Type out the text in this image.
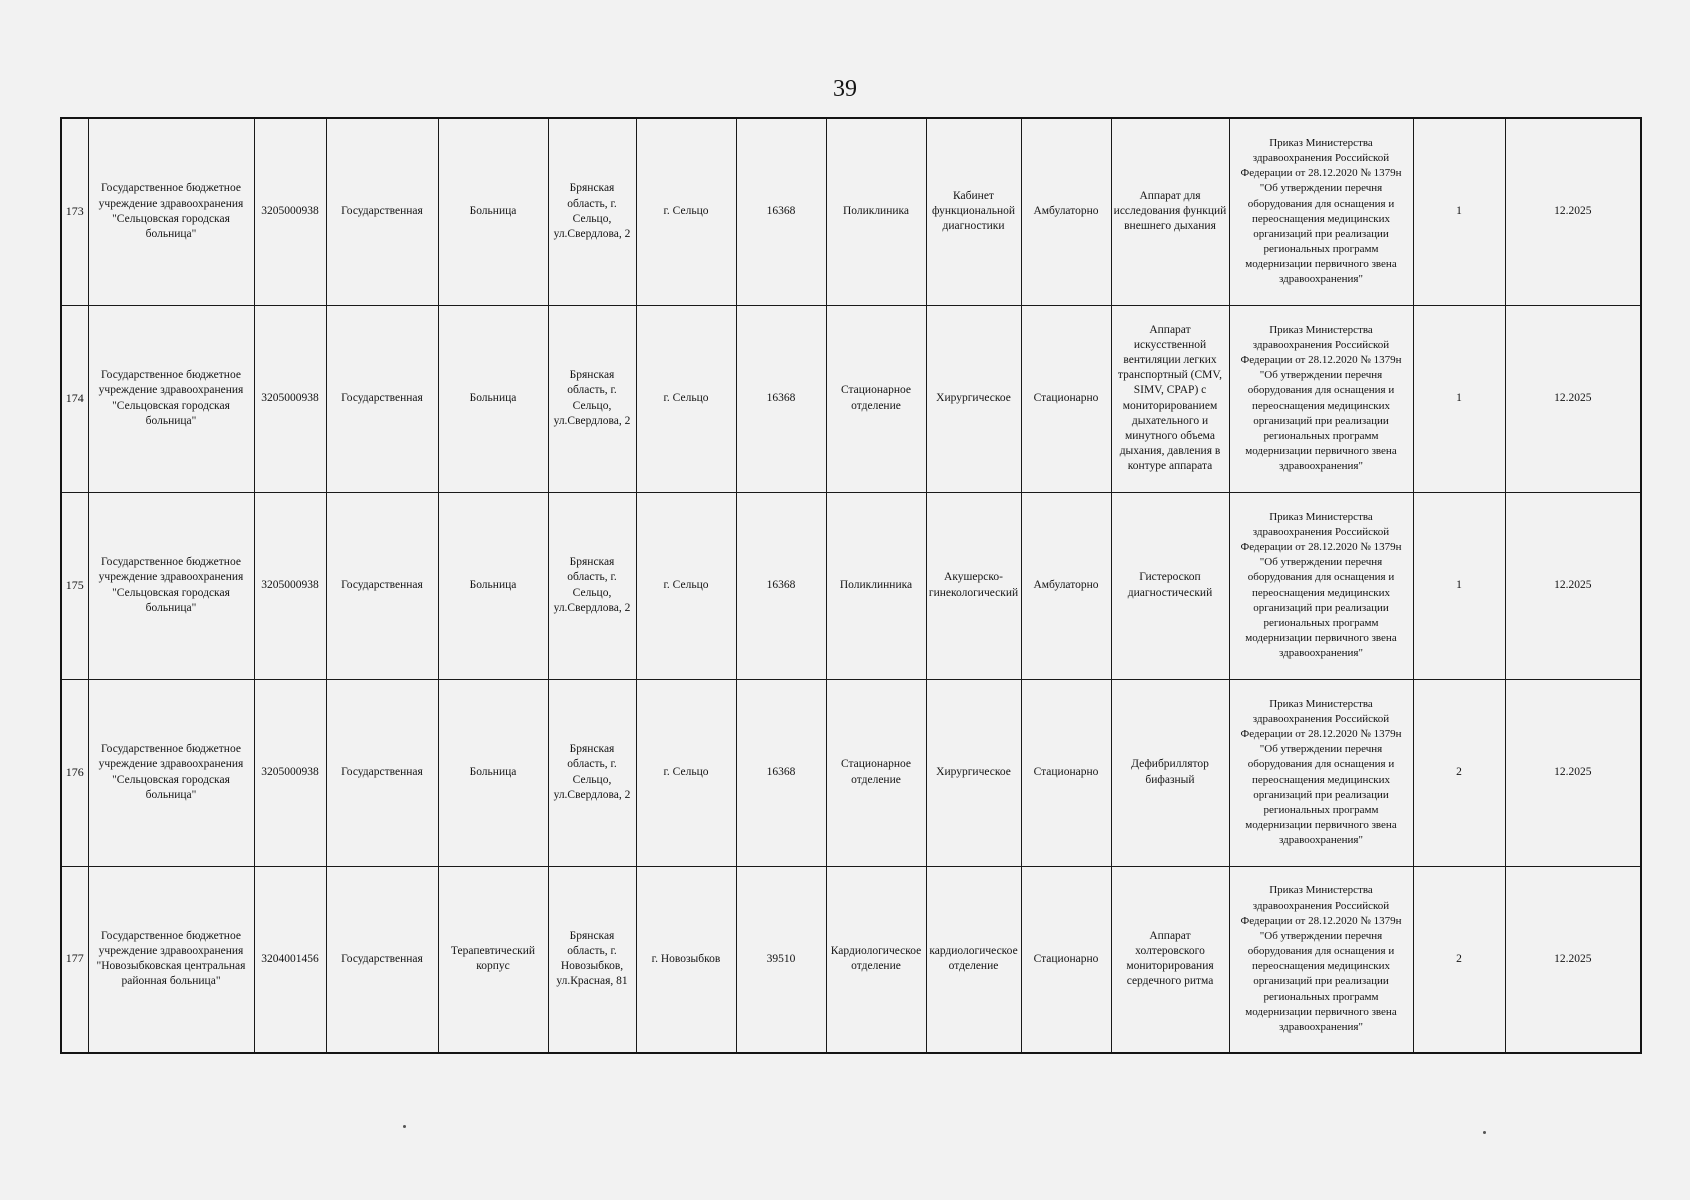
39
173	Государственное бюджетное учреждение здравоохранения "Сельцовская городская больница"	3205000938	Государственная	Больница	Брянская область, г. Сельцо, ул.Свердлова, 2	г. Сельцо	16368	Поликлиника	Кабинет функциональной диагностики	Амбулаторно	Аппарат для исследования функций внешнего дыхания	Приказ Министерства здравоохранения Российской Федерации от 28.12.2020 № 1379н "Об утверждении перечня оборудования для оснащения и переоснащения медицинских организаций при реализации региональных программ модернизации первичного звена здравоохранения"	1	12.2025
174	Государственное бюджетное учреждение здравоохранения "Сельцовская городская больница"	3205000938	Государственная	Больница	Брянская область, г. Сельцо, ул.Свердлова, 2	г. Сельцо	16368	Стационарное отделение	Хирургическое	Стационарно	Аппарат искусственной вентиляции легких транспортный (CMV, SIMV, CPAP) с мониторированием дыхательного и минутного объема дыхания, давления в контуре аппарата	Приказ Министерства здравоохранения Российской Федерации от 28.12.2020 № 1379н "Об утверждении перечня оборудования для оснащения и переоснащения медицинских организаций при реализации региональных программ модернизации первичного звена здравоохранения"	1	12.2025
175	Государственное бюджетное учреждение здравоохранения "Сельцовская городская больница"	3205000938	Государственная	Больница	Брянская область, г. Сельцо, ул.Свердлова, 2	г. Сельцо	16368	Поликлинника	Акушерско-гинекологический	Амбулаторно	Гистероскоп диагностический	Приказ Министерства здравоохранения Российской Федерации от 28.12.2020 № 1379н "Об утверждении перечня оборудования для оснащения и переоснащения медицинских организаций при реализации региональных программ модернизации первичного звена здравоохранения"	1	12.2025
176	Государственное бюджетное учреждение здравоохранения "Сельцовская городская больница"	3205000938	Государственная	Больница	Брянская область, г. Сельцо, ул.Свердлова, 2	г. Сельцо	16368	Стационарное отделение	Хирургическое	Стационарно	Дефибриллятор бифазный	Приказ Министерства здравоохранения Российской Федерации от 28.12.2020 № 1379н "Об утверждении перечня оборудования для оснащения и переоснащения медицинских организаций при реализации региональных программ модернизации первичного звена здравоохранения"	2	12.2025
177	Государственное бюджетное учреждение здравоохранения "Новозыбковская центральная районная больница"	3204001456	Государственная	Терапевтический корпус	Брянская область, г. Новозыбков, ул.Красная, 81	г. Новозыбков	39510	Кардиологическое отделение	кардиологическое отделение	Стационарно	Аппарат холтеровского мониторирования сердечного ритма	Приказ Министерства здравоохранения Российской Федерации от 28.12.2020 № 1379н "Об утверждении перечня оборудования для оснащения и переоснащения медицинских организаций при реализации региональных программ модернизации первичного звена здравоохранения"	2	12.2025
